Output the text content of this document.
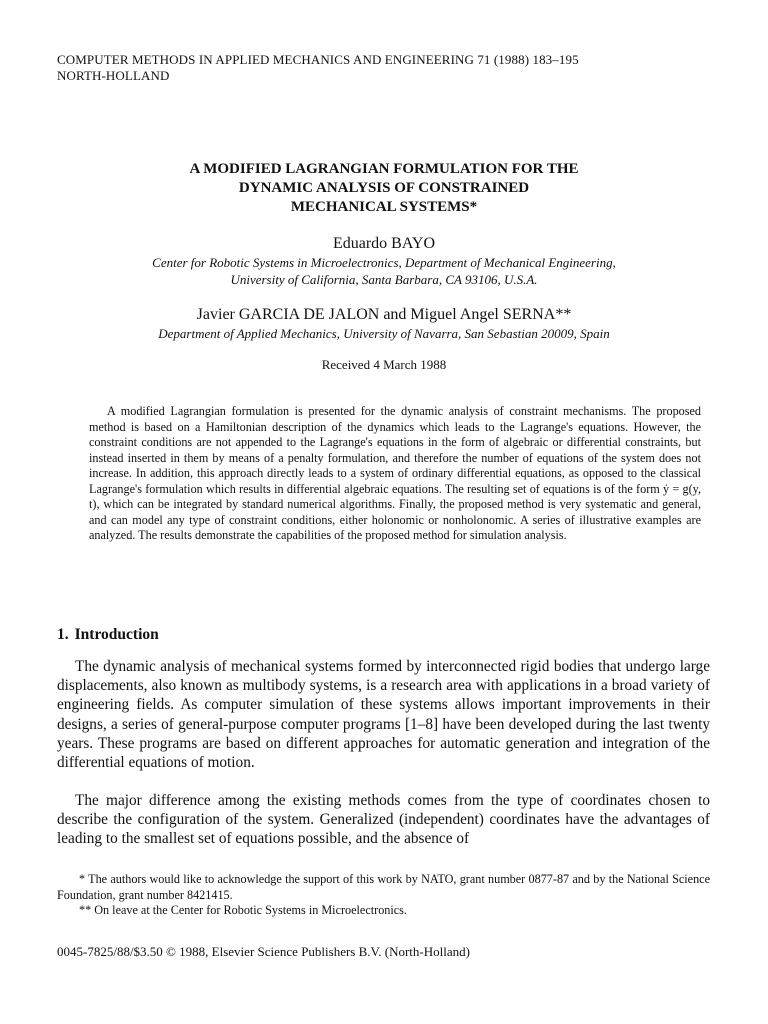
COMPUTER METHODS IN APPLIED MECHANICS AND ENGINEERING 71 (1988) 183–195
NORTH-HOLLAND
A MODIFIED LAGRANGIAN FORMULATION FOR THE
DYNAMIC ANALYSIS OF CONSTRAINED
MECHANICAL SYSTEMS*
Eduardo BAYO
Center for Robotic Systems in Microelectronics, Department of Mechanical Engineering,
University of California, Santa Barbara, CA 93106, U.S.A.
Javier GARCIA DE JALON and Miguel Angel SERNA**
Department of Applied Mechanics, University of Navarra, San Sebastian 20009, Spain
Received 4 March 1988

A modified Lagrangian formulation is presented for the dynamic analysis of constraint mechanisms. The proposed method is based on a Hamiltonian description of the dynamics which leads to the Lagrange's equations. However, the constraint conditions are not appended to the Lagrange's equations in the form of algebraic or differential constraints, but instead inserted in them by means of a penalty formulation, and therefore the number of equations of the system does not increase. In addition, this approach directly leads to a system of ordinary differential equations, as opposed to the classical Lagrange's formulation which results in differential algebraic equations. The resulting set of equations is of the form ẏ = g(y, t), which can be integrated by standard numerical algorithms. Finally, the proposed method is very systematic and general, and can model any type of constraint conditions, either holonomic or nonholonomic. A series of illustrative examples are analyzed. The results demonstrate the capabilities of the proposed method for simulation analysis.

1. Introduction

The dynamic analysis of mechanical systems formed by interconnected rigid bodies that undergo large displacements, also known as multibody systems, is a research area with applications in a broad variety of engineering fields. As computer simulation of these systems allows important improvements in their designs, a series of general-purpose computer programs [1–8] have been developed during the last twenty years. These programs are based on different approaches for automatic generation and integration of the differential equations of motion.

The major difference among the existing methods comes from the type of coordinates chosen to describe the configuration of the system. Generalized (independent) coordinates have the advantages of leading to the smallest set of equations possible, and the absence of

* The authors would like to acknowledge the support of this work by NATO, grant number 0877-87 and by the National Science Foundation, grant number 8421415.

** On leave at the Center for Robotic Systems in Microelectronics.

0045-7825/88/$3.50 © 1988, Elsevier Science Publishers B.V. (North-Holland)
